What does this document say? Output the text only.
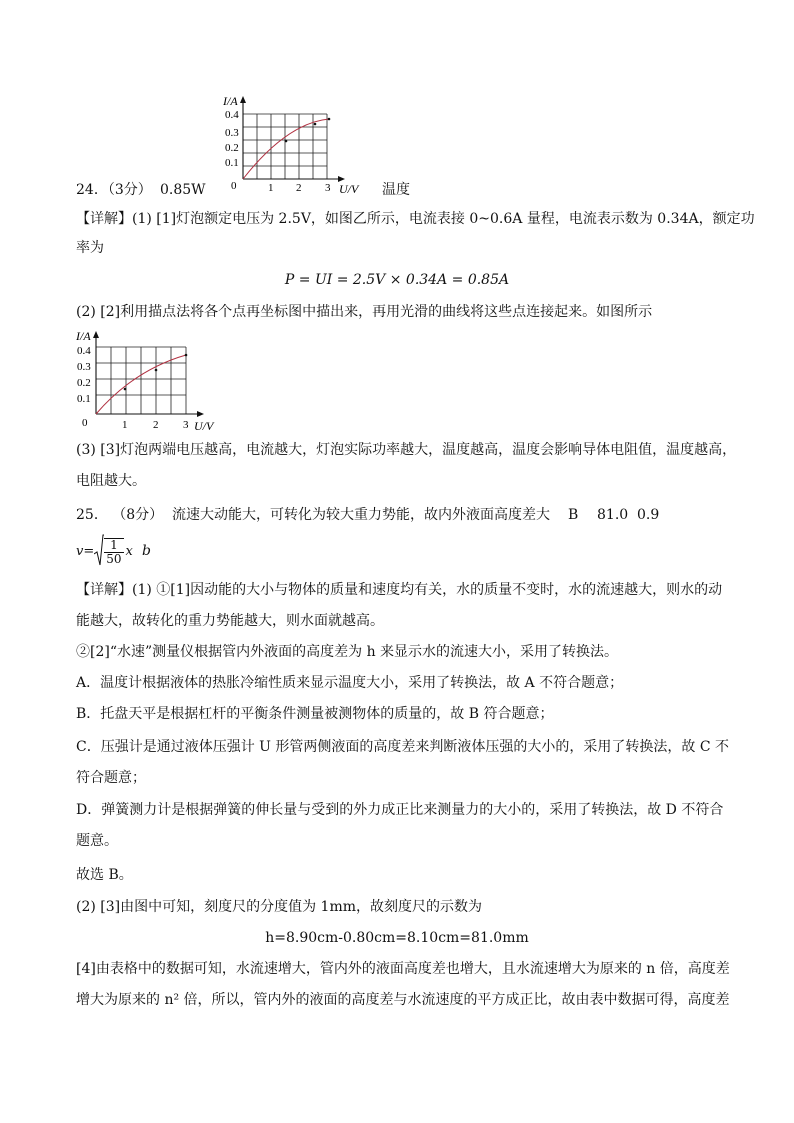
I/A
0.4
0.3
0.2
0.1
0	1 2 3 U/V
24．（3分） 0.85W	温度
【详解】(1) [1]灯泡额定电压为 2.5V，如图乙所示，电流表接 0~0.6A 量程，电流表示数为 0.34A，额定功
率为
P = UI = 2.5V × 0.34A = 0.85A
(2) [2]利用描点法将各个点再坐标图中描出来，再用光滑的曲线将这些点连接起来。如图所示
I/A
0.4
0.3
0.2
0.1
0	1 2 3 U/V
(3) [3]灯泡两端电压越高，电流越大，灯泡实际功率越大，温度越高，温度会影响导体电阻值，温度越高，
电阻越大。
25． （8分） 流速大动能大，可转化为较大重力势能，故内外液面高度差大 B 81.0 0.9
$v= \frac{1}{50}$ x b
【详解】(1) ①[1]因动能的大小与物体的质量和速度均有关，水的质量不变时，水的流速越大，则水的动
能越大，故转化的重力势能越大，则水面就越高。
②[2]“水速”测量仪根据管内外液面的高度差为 h 来显示水的流速大小，采用了转换法。
A．温度计根据液体的热胀冷缩性质来显示温度大小，采用了转换法，故 A 不符合题意；
B．托盘天平是根据杠杆的平衡条件测量被测物体的质量的，故 B 符合题意；
C．压强计是通过液体压强计 U 形管两侧液面的高度差来判断液体压强的大小的，采用了转换法，故 C 不
符合题意；
D．弹簧测力计是根据弹簧的伸长量与受到的外力成正比来测量力的大小的，采用了转换法，故 D 不符合
题意。
故选 B。
(2) [3]由图中可知，刻度尺的分度值为 1mm，故刻度尺的示数为
h=8.90cm-0.80cm=8.10cm=81.0mm
[4]由表格中的数据可知，水流速增大，管内外的液面高度差也增大，且水流速增大为原来的 n 倍，高度差
增大为原来的 n² 倍，所以，管内外的液面的高度差与水流速度的平方成正比，故由表中数据可得，高度差
